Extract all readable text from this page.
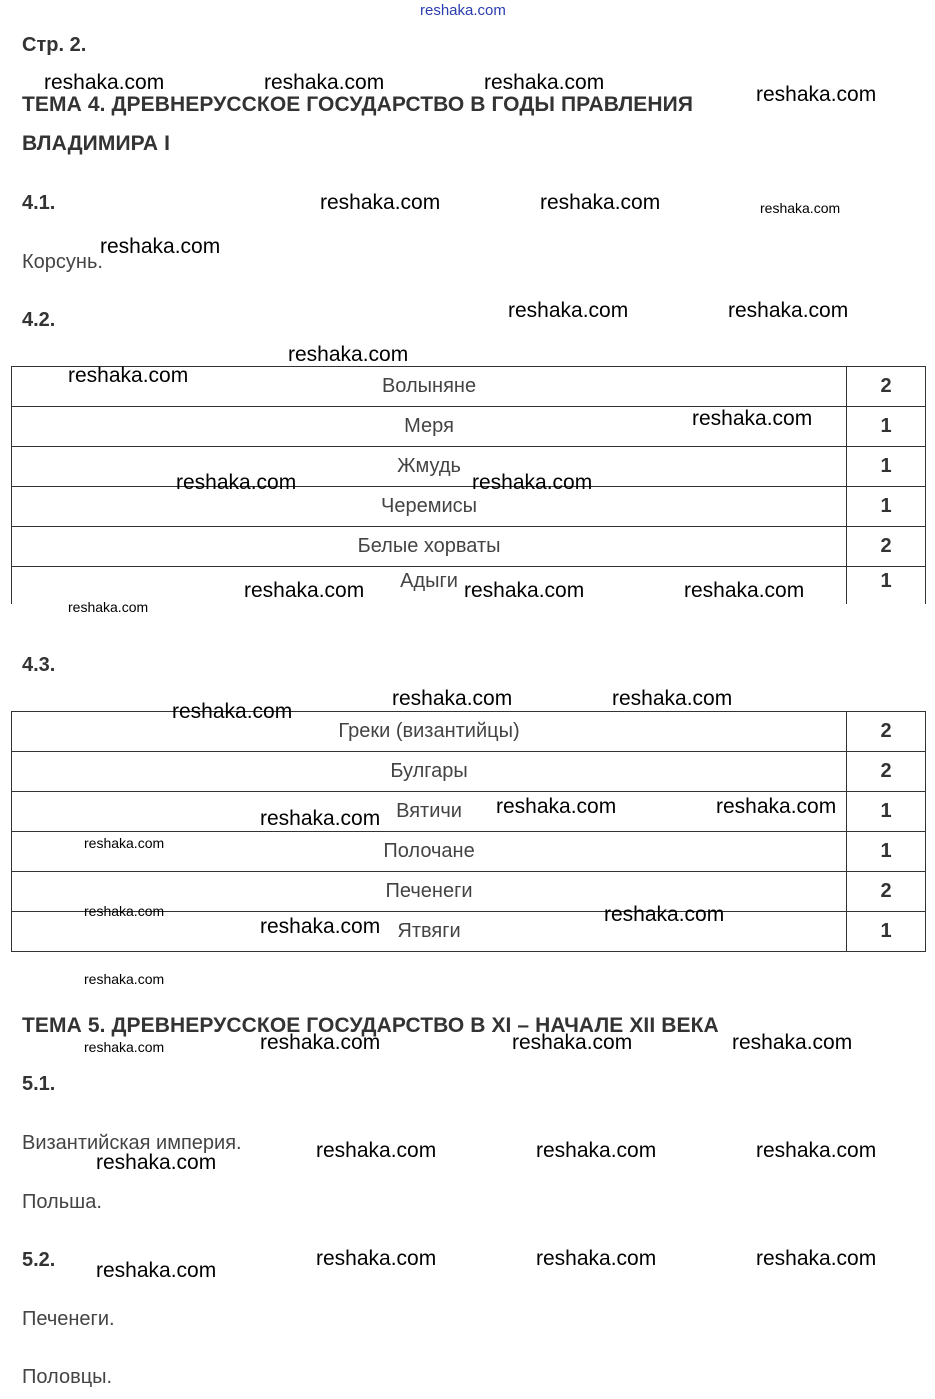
reshaka.com
Стр. 2.
ТЕМА 4. ДРЕВНЕРУССКОЕ ГОСУДАРСТВО В ГОДЫ ПРАВЛЕНИЯ
ВЛАДИМИРА I
4.1.
Корсунь.
4.2.
Волыняне	2
Меря	1
Жмудь	1
Черемисы	1
Белые хорваты	2
Адыги	1
4.3.
Греки (византийцы)	2
Булгары	2
Вятичи	1
Полочане	1
Печенеги	2
Ятвяги	1
ТЕМА 5. ДРЕВНЕРУССКОЕ ГОСУДАРСТВО В XI – НАЧАЛЕ XII ВЕКА
5.1.
Византийская империя.
Польша.
5.2.
Печенеги.
Половцы.
reshaka.com	reshaka.com	reshaka.com
reshaka.com
reshaka.com	reshaka.com	reshaka.com
reshaka.com
reshaka.com	reshaka.com
reshaka.com
reshaka.com
reshaka.com
reshaka.com	reshaka.com
reshaka.com	reshaka.com	reshaka.com
reshaka.com
reshaka.com	reshaka.com
reshaka.com
reshaka.com	reshaka.com
reshaka.com
reshaka.com
reshaka.com	reshaka.com
reshaka.com
reshaka.com
reshaka.com	reshaka.com	reshaka.com	reshaka.com
reshaka.com	reshaka.com	reshaka.com
reshaka.com
reshaka.com	reshaka.com	reshaka.com
reshaka.com
